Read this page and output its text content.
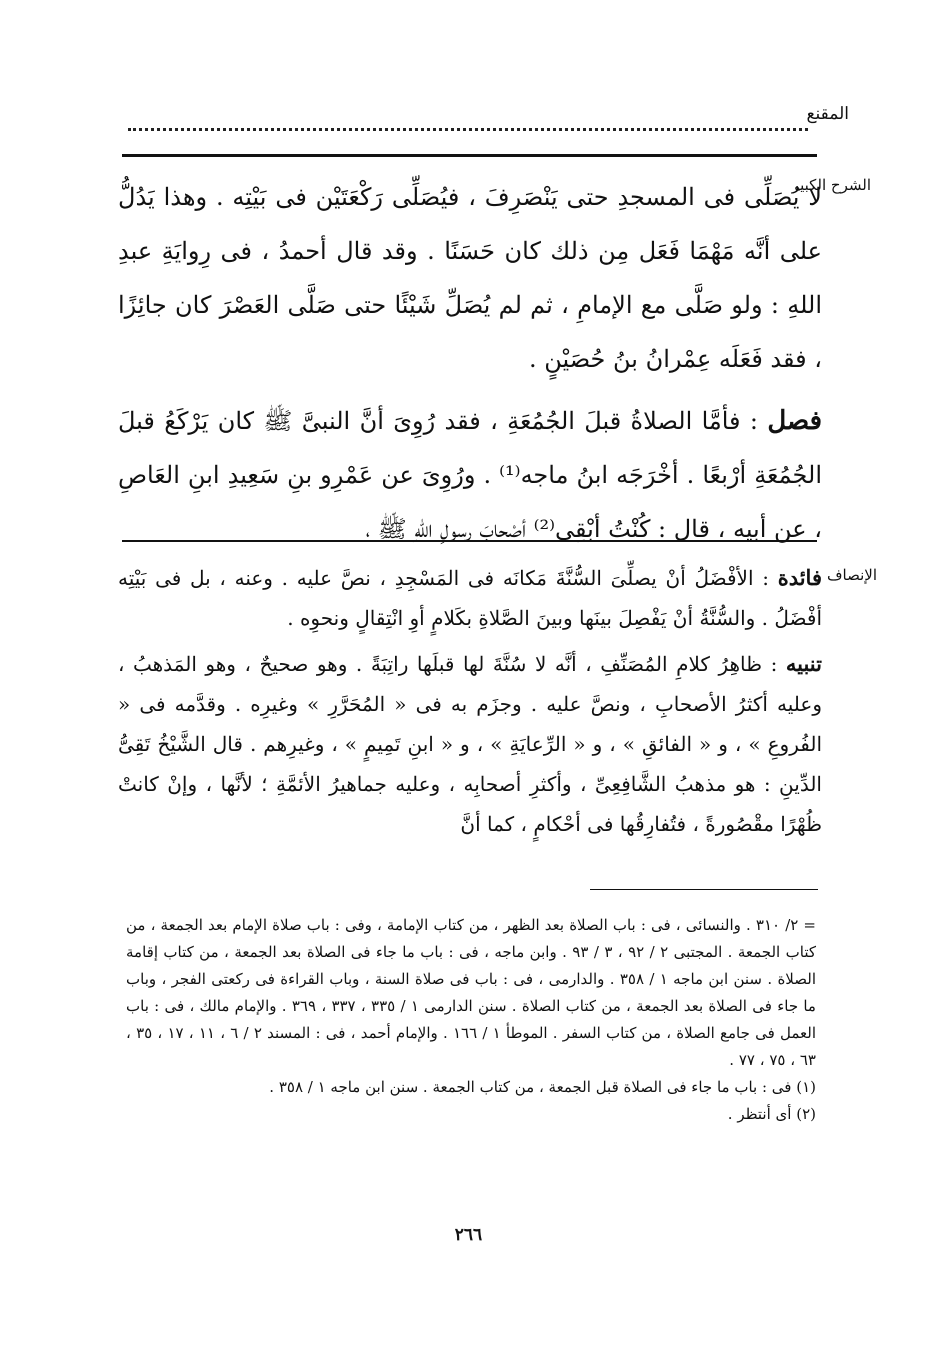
المقنع
الشرح الكبير

لا يُصَلِّى فى المسجدِ حتى يَنْصَرِفَ ، فيُصَلِّى رَكْعَتَيْن فى بَيْتِه . وهذا يَدُلُّ على أنَّه مَهْمَا فَعَل مِن ذلك كان حَسَنًا . وقد قال أحمدُ ، فى رِوايَةِ عبدِ اللهِ : ولو صَلَّى مع الإمامِ ، ثم لم يُصَلِّ شَيْئًا حتى صَلَّى العَصْرَ كان جائِزًا ، فقد فَعَلَه عِمْرانُ بنُ حُصَيْنٍ .

فصل : فأمَّا الصلاةُ قبلَ الجُمُعَةِ ، فقد رُوِىَ أنَّ النبىَّ ﷺ كان يَرْكَعُ قبلَ الجُمُعَةِ أرْبعًا . أخْرَجَه ابنُ ماجه⁽¹⁾ . ورُوِىَ عن عَمْرِو بنِ سَعِيدِ ابنِ العَاصِ ، عن أبيه ، قال : كُنْتُ أبْقِى⁽²⁾ أصْحابَ رسولِ اللهِ ﷺ ،

الإنصاف

فائدة : الأفْضَلُ أنْ يصلِّىَ السُّنَّةَ مَكانَه فى المَسْجِدِ ، نصَّ عليه . وعنه ، بل فى بَيْتِه أفْضَلُ . والسُّنَّةُ أنْ يَفْصِلَ بينَها وبينَ الصَّلاةِ بكَلامٍ أوِ انْتِقالٍ ونحوِه .

تنبيه : ظاهِرُ كلامِ المُصَنِّفِ ، أنَّه لا سُنَّةَ لها قبلَها راتِبَةً . وهو صحيحٌ ، وهو المَذهبُ ، وعليه أكثرُ الأصحابِ ، ونصَّ عليه . وجزَم به فى « المُحَرَّرِ » وغيرِه . وقدَّمه فى « الفُروعِ » ، و « الفائقِ » ، و « الرِّعايَةِ » ، و « ابنِ تَمِيمٍ » ، وغيرِهم . قال الشَّيْخُ تَقِىُّ الدِّينِ : هو مذهبُ الشَّافِعِىِّ ، وأكثرِ أصحابِه ، وعليه جماهيرُ الأئمَّةِ ؛ لأنَّها ، وإنْ كانتْ ظُهْرًا مقْصُورةً ، فتُفارِقُها فى أحْكامٍ ، كما أنَّ

= ٢/ ٣١٠ . والنسائى ، فى : باب الصلاة بعد الظهر ، من كتاب الإمامة ، وفى : باب صلاة الإمام بعد الجمعة ، من كتاب الجمعة . المجتبى ٢ / ٩٢ ، ٣ / ٩٣ . وابن ماجه ، فى : باب ما جاء فى الصلاة بعد الجمعة ، من كتاب إقامة الصلاة . سنن ابن ماجه ١ / ٣٥٨ . والدارمى ، فى : باب فى صلاة السنة ، وباب القراءة فى ركعتى الفجر ، وباب ما جاء فى الصلاة بعد الجمعة ، من كتاب الصلاة . سنن الدارمى ١ / ٣٣٥ ، ٣٣٧ ، ٣٦٩ . والإمام مالك ، فى : باب العمل فى جامع الصلاة ، من كتاب السفر . الموطأ ١ / ١٦٦ . والإمام أحمد ، فى : المسند ٢ / ٦ ، ١١ ، ١٧ ، ٣٥ ، ٦٣ ، ٧٥ ، ٧٧ .

(١) فى : باب ما جاء فى الصلاة قبل الجمعة ، من كتاب الجمعة . سنن ابن ماجه ١ / ٣٥٨ .

(٢) أى أنتظر .

٢٦٦
